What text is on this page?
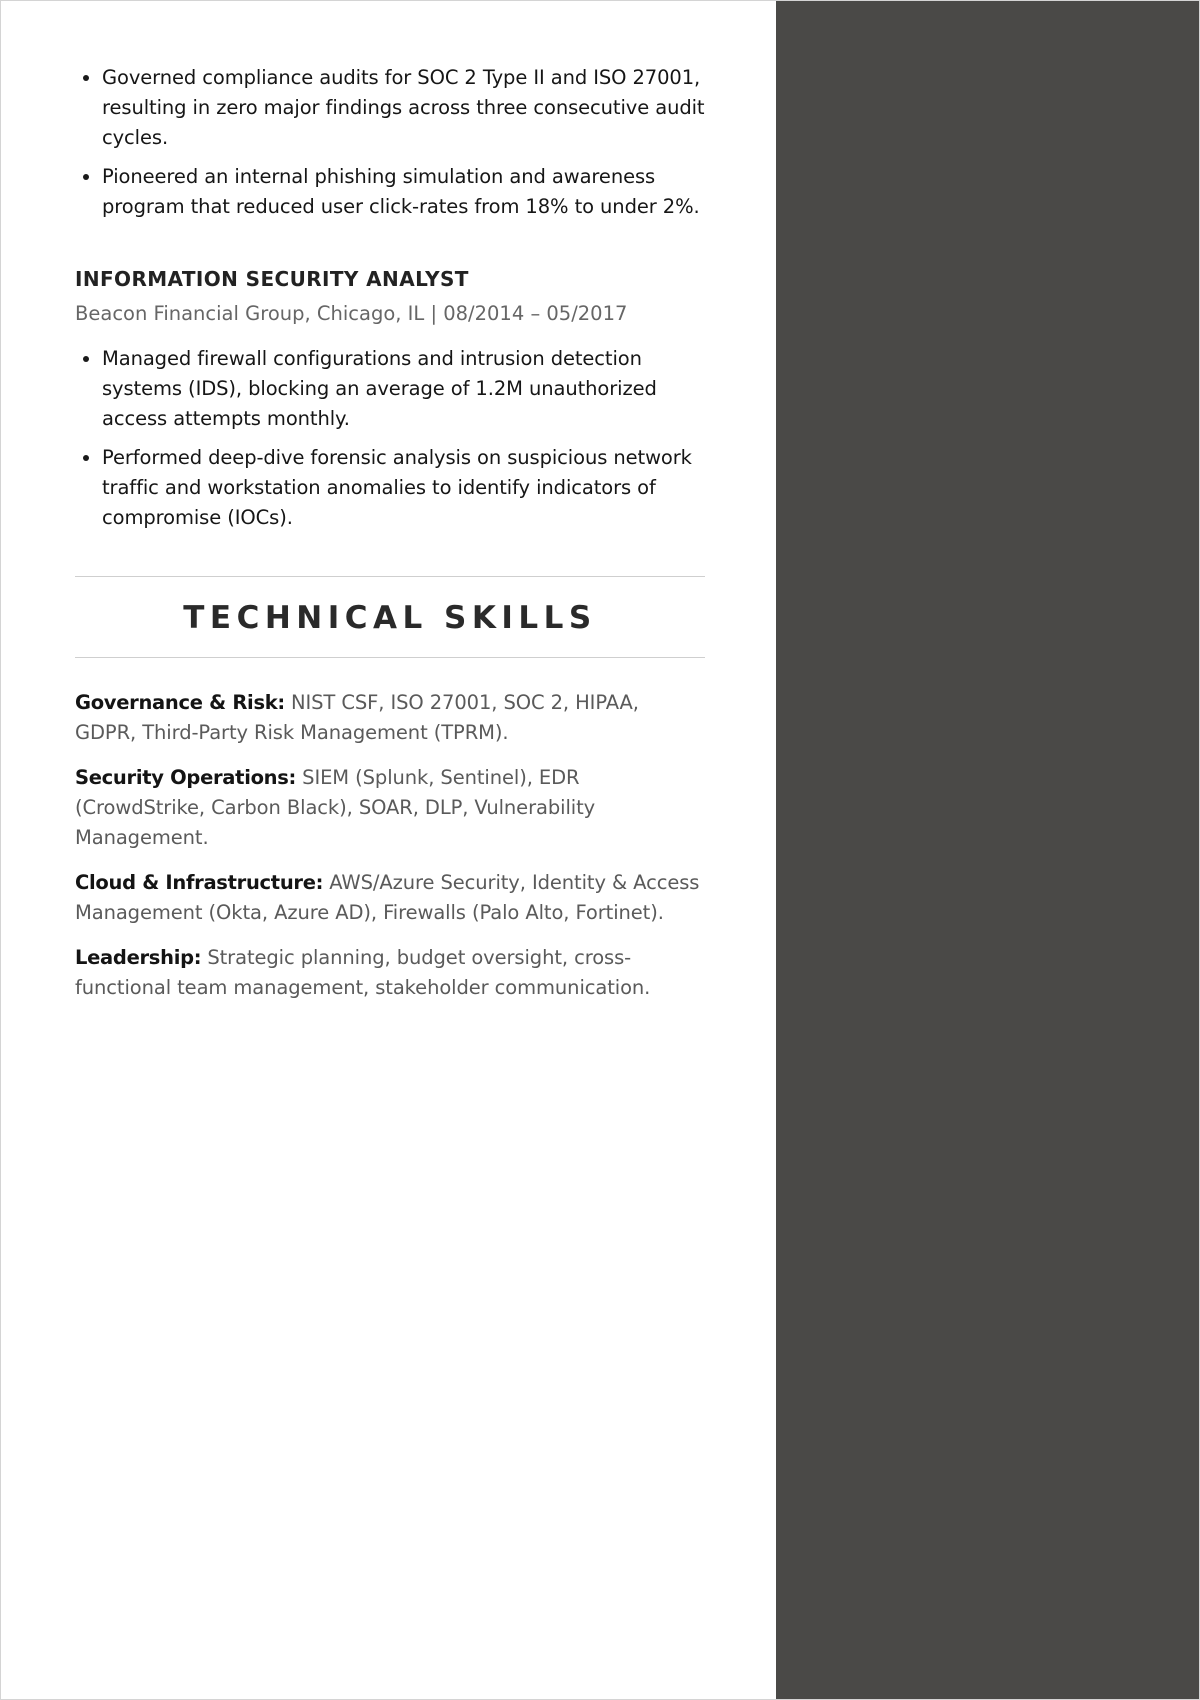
Governed compliance audits for SOC 2 Type II and ISO 27001, resulting in zero major findings across three consecutive audit cycles.
Pioneered an internal phishing simulation and awareness program that reduced user click-rates from 18% to under 2%.
INFORMATION SECURITY ANALYST
Beacon Financial Group, Chicago, IL | 08/2014 – 05/2017
Managed firewall configurations and intrusion detection systems (IDS), blocking an average of 1.2M unauthorized access attempts monthly.
Performed deep-dive forensic analysis on suspicious network traffic and workstation anomalies to identify indicators of compromise (IOCs).
TECHNICAL SKILLS
Governance & Risk: NIST CSF, ISO 27001, SOC 2, HIPAA, GDPR, Third-Party Risk Management (TPRM).
Security Operations: SIEM (Splunk, Sentinel), EDR (CrowdStrike, Carbon Black), SOAR, DLP, Vulnerability Management.
Cloud & Infrastructure: AWS/Azure Security, Identity & Access Management (Okta, Azure AD), Firewalls (Palo Alto, Fortinet).
Leadership: Strategic planning, budget oversight, cross-functional team management, stakeholder communication.
